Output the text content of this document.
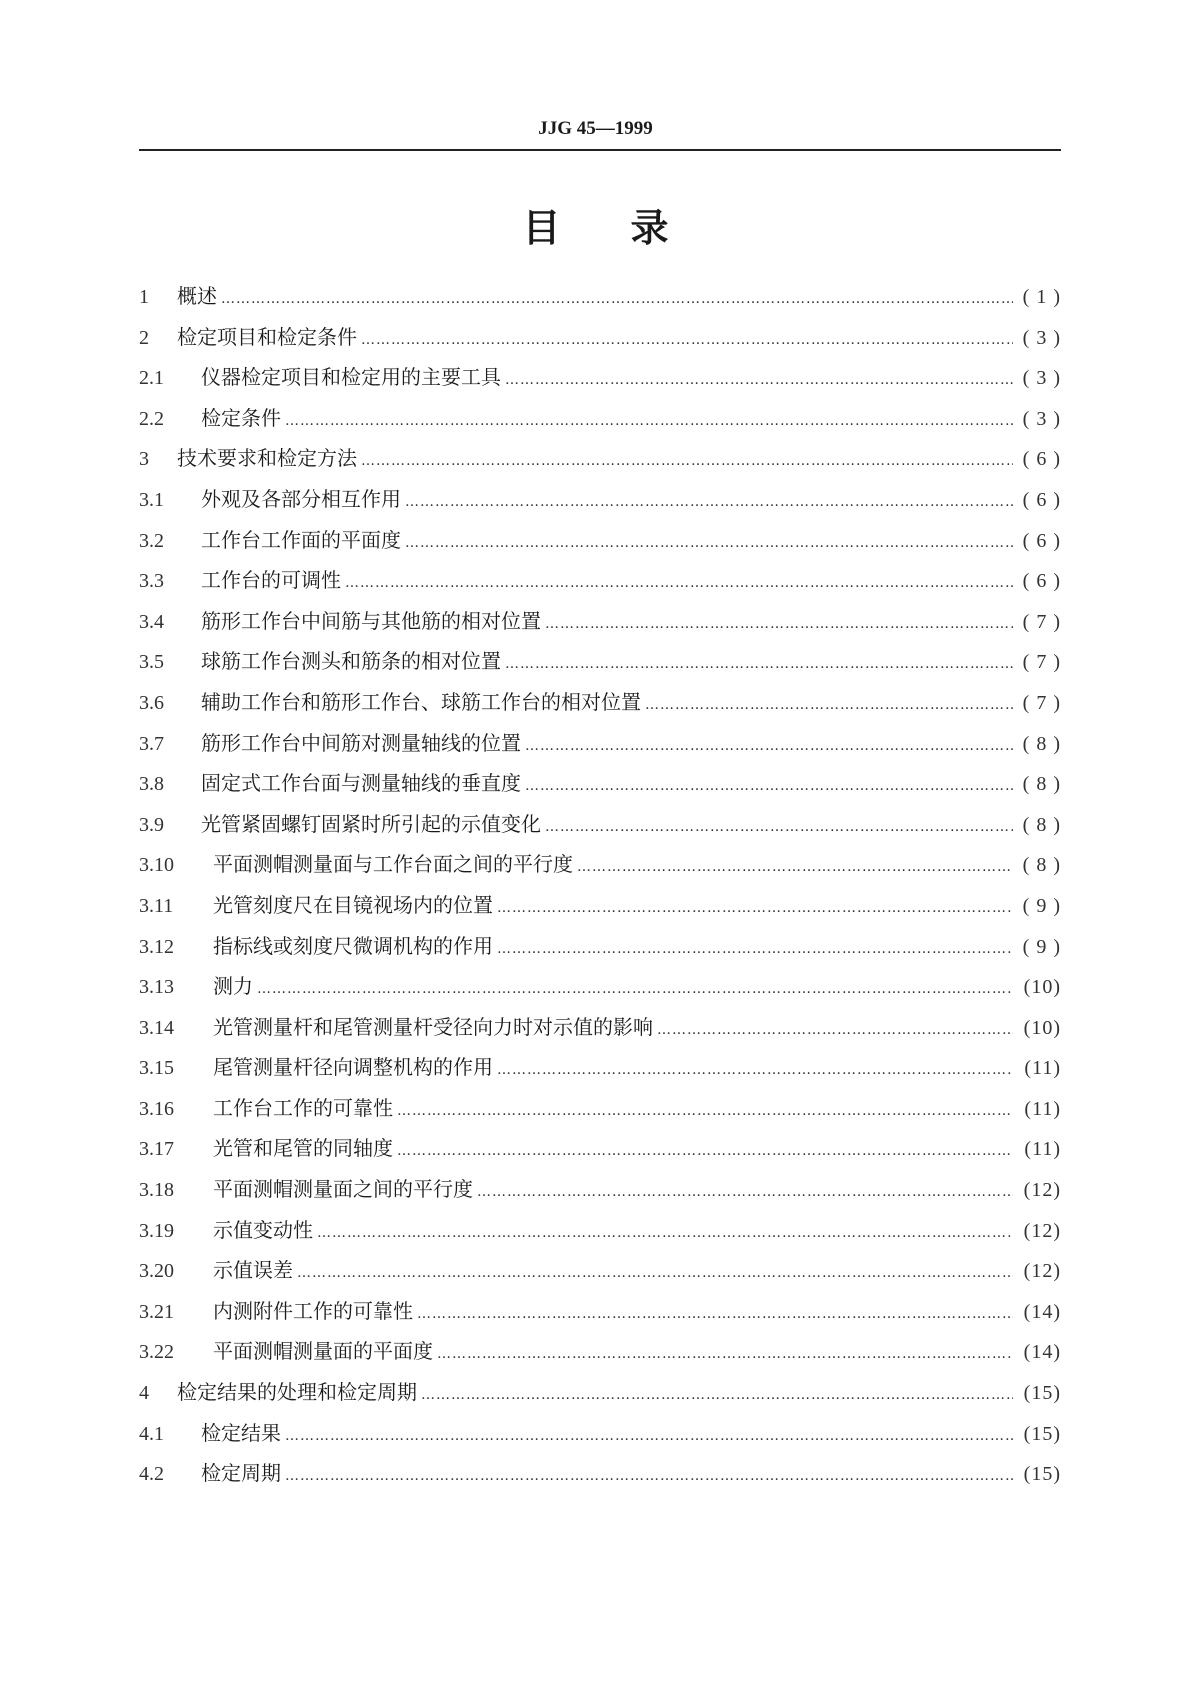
JJG 45—1999
目录
1	概述 ……………………………………………………………………………………………………………………………………………………………………………………………………	( 1 )
2	检定项目和检定条件 ……………………………………………………………………………………………………………………………………………………………………………………………………	( 3 )
2.1	仪器检定项目和检定用的主要工具 ……………………………………………………………………………………………………………………………………………………………………………………………………	( 3 )
2.2	检定条件 ……………………………………………………………………………………………………………………………………………………………………………………………………	( 3 )
3	技术要求和检定方法 ……………………………………………………………………………………………………………………………………………………………………………………………………	( 6 )
3.1	外观及各部分相互作用 ……………………………………………………………………………………………………………………………………………………………………………………………………	( 6 )
3.2	工作台工作面的平面度 ……………………………………………………………………………………………………………………………………………………………………………………………………	( 6 )
3.3	工作台的可调性 ……………………………………………………………………………………………………………………………………………………………………………………………………	( 6 )
3.4	筋形工作台中间筋与其他筋的相对位置 ……………………………………………………………………………………………………………………………………………………………………………………………………	( 7 )
3.5	球筋工作台测头和筋条的相对位置 ……………………………………………………………………………………………………………………………………………………………………………………………………	( 7 )
3.6	辅助工作台和筋形工作台、球筋工作台的相对位置 ……………………………………………………………………………………………………………………………………………………………………………………………………	( 7 )
3.7	筋形工作台中间筋对测量轴线的位置 ……………………………………………………………………………………………………………………………………………………………………………………………………	( 8 )
3.8	固定式工作台面与测量轴线的垂直度 ……………………………………………………………………………………………………………………………………………………………………………………………………	( 8 )
3.9	光管紧固螺钉固紧时所引起的示值变化 ……………………………………………………………………………………………………………………………………………………………………………………………………	( 8 )
3.10	平面测帽测量面与工作台面之间的平行度 ……………………………………………………………………………………………………………………………………………………………………………………………………	( 8 )
3.11	光管刻度尺在目镜视场内的位置 ……………………………………………………………………………………………………………………………………………………………………………………………………	( 9 )
3.12	指标线或刻度尺微调机构的作用 ……………………………………………………………………………………………………………………………………………………………………………………………………	( 9 )
3.13	测力 ……………………………………………………………………………………………………………………………………………………………………………………………………	(10)
3.14	光管测量杆和尾管测量杆受径向力时对示值的影响 ……………………………………………………………………………………………………………………………………………………………………………………………………	(10)
3.15	尾管测量杆径向调整机构的作用 ……………………………………………………………………………………………………………………………………………………………………………………………………	(11)
3.16	工作台工作的可靠性 ……………………………………………………………………………………………………………………………………………………………………………………………………	(11)
3.17	光管和尾管的同轴度 ……………………………………………………………………………………………………………………………………………………………………………………………………	(11)
3.18	平面测帽测量面之间的平行度 ……………………………………………………………………………………………………………………………………………………………………………………………………	(12)
3.19	示值变动性 ……………………………………………………………………………………………………………………………………………………………………………………………………	(12)
3.20	示值误差 ……………………………………………………………………………………………………………………………………………………………………………………………………	(12)
3.21	内测附件工作的可靠性 ……………………………………………………………………………………………………………………………………………………………………………………………………	(14)
3.22	平面测帽测量面的平面度 ……………………………………………………………………………………………………………………………………………………………………………………………………	(14)
4	检定结果的处理和检定周期 ……………………………………………………………………………………………………………………………………………………………………………………………………	(15)
4.1	检定结果 ……………………………………………………………………………………………………………………………………………………………………………………………………	(15)
4.2	检定周期 ……………………………………………………………………………………………………………………………………………………………………………………………………	(15)
